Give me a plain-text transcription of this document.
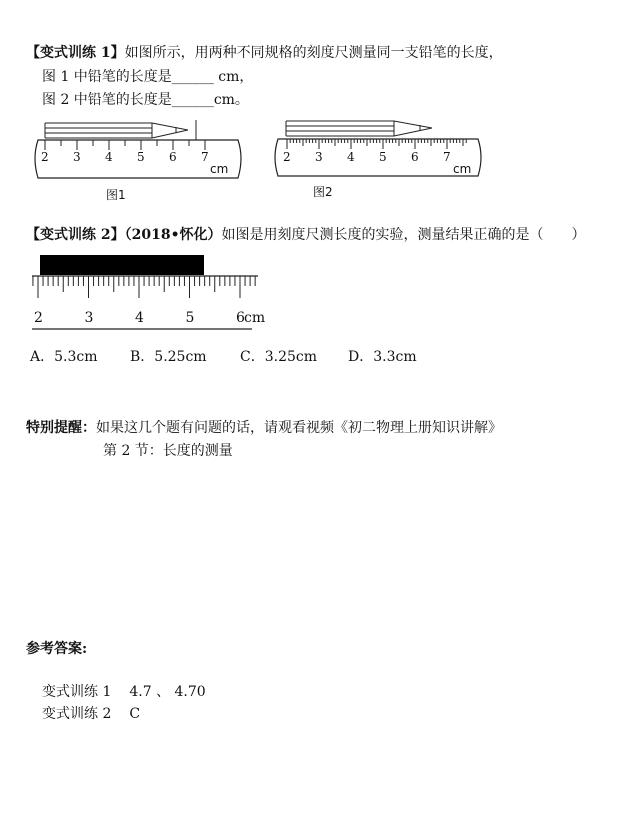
【变式训练 1】如图所示，用两种不同规格的刻度尺测量同一支铅笔的长度，
图 1 中铅笔的长度是______ cm，
图 2 中铅笔的长度是______cm。
2 3 4 5 6 7
cm
图1
2 3 4 5 6 7
cm
图2
【变式训练 2】（2018•怀化）如图是用刻度尺测长度的实验，测量结果正确的是（　　）
2	3	4	5	6 cm
A．5.3cm B．5.25cm C．3.25cm D．3.3cm
特别提醒：如果这几个题有问题的话，请观看视频《初二物理上册知识讲解》
第 2 节：长度的测量
参考答案:
变式训练 1 4.7 、 4.70
变式训练 2 C
